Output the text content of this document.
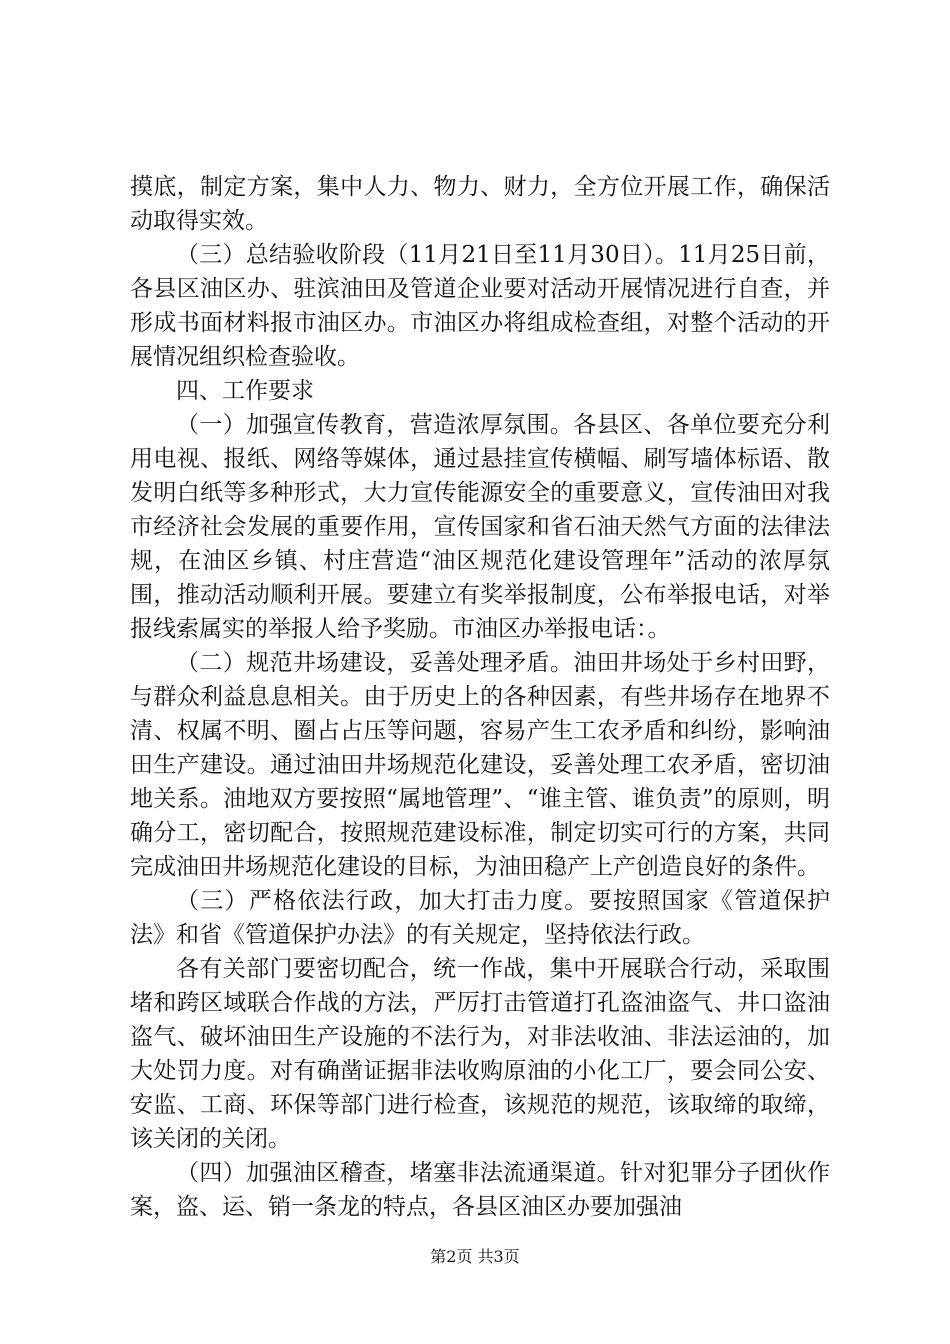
摸底，制定方案，集中人力、物力、财力，全方位开展工作，确保活动取得实效。

（三）总结验收阶段（11月21日至11月30日）。11月25日前，各县区油区办、驻滨油田及管道企业要对活动开展情况进行自查，并形成书面材料报市油区办。市油区办将组成检查组，对整个活动的开展情况组织检查验收。

四、工作要求

（一）加强宣传教育，营造浓厚氛围。各县区、各单位要充分利用电视、报纸、网络等媒体，通过悬挂宣传横幅、刷写墙体标语、散发明白纸等多种形式，大力宣传能源安全的重要意义，宣传油田对我市经济社会发展的重要作用，宣传国家和省石油天然气方面的法律法规，在油区乡镇、村庄营造“油区规范化建设管理年”活动的浓厚氛围，推动活动顺利开展。要建立有奖举报制度，公布举报电话，对举报线索属实的举报人给予奖励。市油区办举报电话：。

（二）规范井场建设，妥善处理矛盾。油田井场处于乡村田野，与群众利益息息相关。由于历史上的各种因素，有些井场存在地界不清、权属不明、圈占占压等问题，容易产生工农矛盾和纠纷，影响油田生产建设。通过油田井场规范化建设，妥善处理工农矛盾，密切油地关系。油地双方要按照“属地管理”、“谁主管、谁负责”的原则，明确分工，密切配合，按照规范建设标准，制定切实可行的方案，共同完成油田井场规范化建设的目标，为油田稳产上产创造良好的条件。

（三）严格依法行政，加大打击力度。要按照国家《管道保护法》和省《管道保护办法》的有关规定，坚持依法行政。

各有关部门要密切配合，统一作战，集中开展联合行动，采取围堵和跨区域联合作战的方法，严厉打击管道打孔盗油盗气、井口盗油盗气、破坏油田生产设施的不法行为，对非法收油、非法运油的，加大处罚力度。对有确凿证据非法收购原油的小化工厂，要会同公安、安监、工商、环保等部门进行检查，该规范的规范，该取缔的取缔，该关闭的关闭。

（四）加强油区稽查，堵塞非法流通渠道。针对犯罪分子团伙作案，盗、运、销一条龙的特点，各县区油区办要加强油

第2页 共3页
